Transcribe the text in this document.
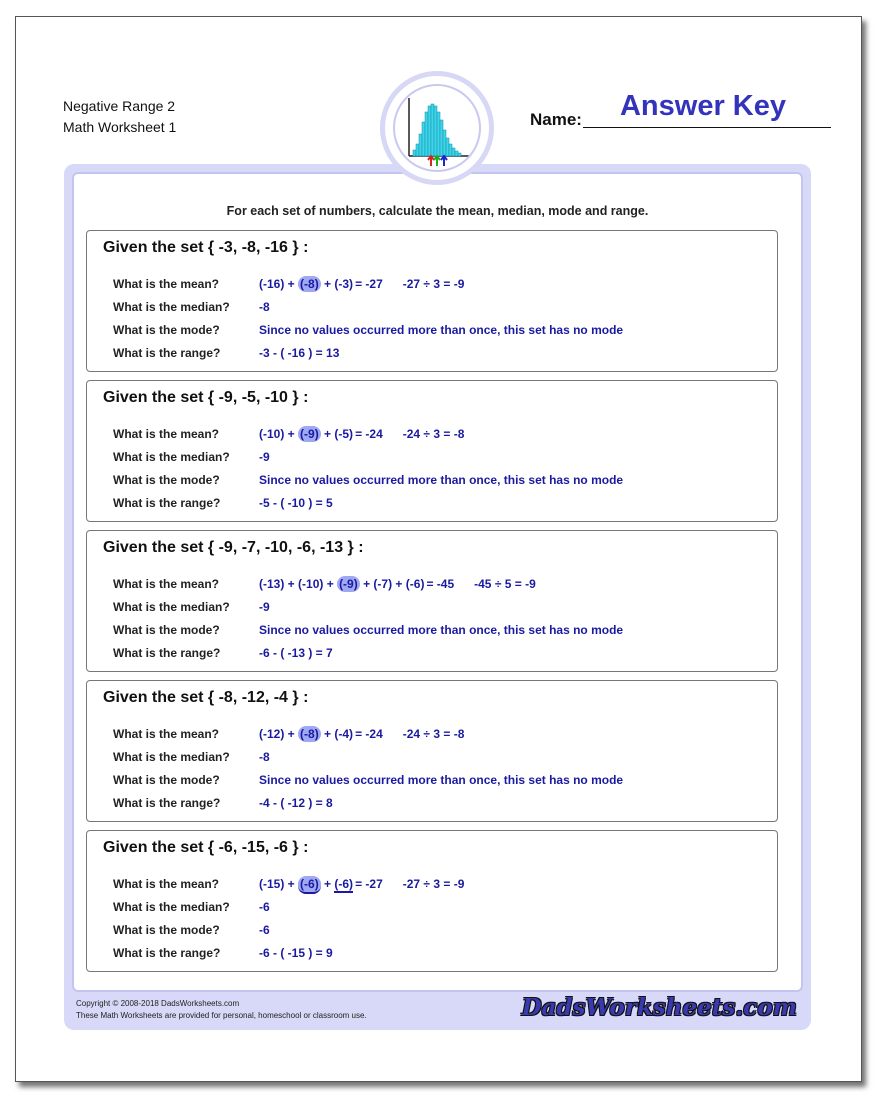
Negative Range 2
Math Worksheet 1
For each set of numbers, calculate the mean, median, mode and range.
Given the set { -3, -8, -16 } :
What is the mean?	(-16) + (-8) + (-3) = -27 -27 ÷ 3 = -9
What is the median? -8
What is the mode?	Since no values occurred more than once, this set has no mode
What is the range?	-3 - ( -16 ) = 13
Given the set { -9, -5, -10 } :
What is the mean?	(-10) + (-9) + (-5) = -24 -24 ÷ 3 = -8
What is the median? -9
What is the mode?	Since no values occurred more than once, this set has no mode
What is the range?	-5 - ( -10 ) = 5
Given the set { -9, -7, -10, -6, -13 } :
What is the mean?	(-13) + (-10) + (-9) + (-7) + (-6) = -45 -45 ÷ 5 = -9
What is the median? -9
What is the mode?	Since no values occurred more than once, this set has no mode
What is the range?	-6 - ( -13 ) = 7
Given the set { -8, -12, -4 } :
What is the mean?	(-12) + (-8) + (-4) = -24 -24 ÷ 3 = -8
What is the median? -8
What is the mode?	Since no values occurred more than once, this set has no mode
What is the range?	-4 - ( -12 ) = 8
Given the set { -6, -15, -6 } :
What is the mean?	(-15) + (-6) + (-6) = -27 -27 ÷ 3 = -9
What is the median? -6
What is the mode?	-6
What is the range?	-6 - ( -15 ) = 9
Copyright © 2008-2018 DadsWorksheets.com
These Math Worksheets are provided for personal, homeschool or classroom use.	DadsWorksheets.com
Answer Key
Name:
